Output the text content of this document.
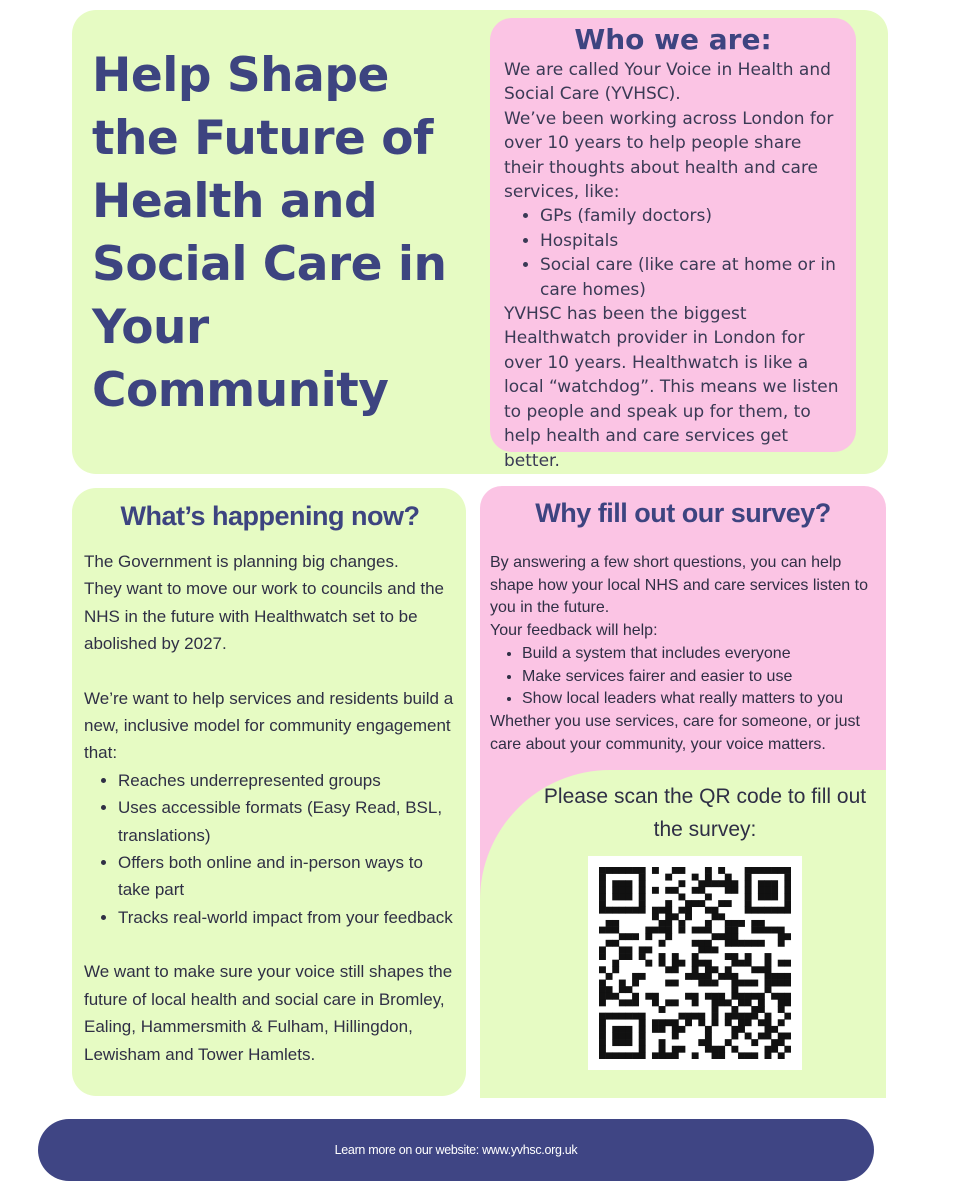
Help Shape the Future of Health and Social Care in Your Community
Who we are:

We are called Your Voice in Health and Social Care (YVHSC).

We’ve been working across London for over 10 years to help people share their thoughts about health and care services, like:

• GPs (family doctors)
• Hospitals
• Social care (like care at home or in care homes)

YVHSC has been the biggest Healthwatch provider in London for over 10 years. Healthwatch is like a local “watchdog”. This means we listen to people and speak up for them, to help health and care services get better.

What’s happening now?

The Government is planning big changes.

They want to move our work to councils and the NHS in the future with Healthwatch set to be abolished by 2027.

We’re want to help services and residents build a new, inclusive model for community engagement that:

• Reaches underrepresented groups
• Uses accessible formats (Easy Read, BSL, translations)
• Offers both online and in-person ways to take part
• Tracks real-world impact from your feedback

We want to make sure your voice still shapes the future of local health and social care in Bromley, Ealing, Hammersmith & Fulham, Hillingdon, Lewisham and Tower Hamlets.

Please scan the QR code to fill out the survey:

Why fill out our survey?

By answering a few short questions, you can help shape how your local NHS and care services listen to you in the future.

Your feedback will help:

• Build a system that includes everyone
• Make services fairer and easier to use
• Show local leaders what really matters to you

Whether you use services, care for someone, or just care about your community, your voice matters.

Learn more on our website: www.yvhsc.org.uk
